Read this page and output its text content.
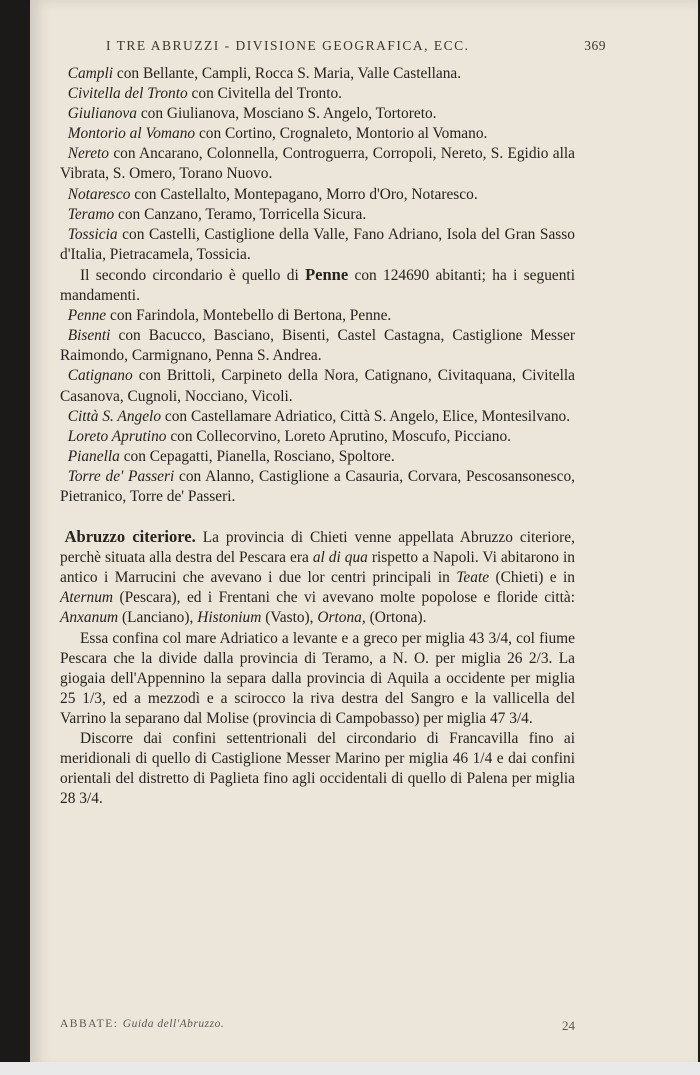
I TRE ABRUZZI - DIVISIONE GEOGRAFICA, ECC.	369

Campli con Bellante, Campli, Rocca S. Maria, Valle Castellana.

Civitella del Tronto con Civitella del Tronto.

Giulianova con Giulianova, Mosciano S. Angelo, Tortoreto.

Montorio al Vomano con Cortino, Crognaleto, Montorio al Vomano.

Nereto con Ancarano, Colonnella, Controguerra, Corropoli, Nereto, S. Egidio alla Vibrata, S. Omero, Torano Nuovo.

Notaresco con Castellalto, Montepagano, Morro d'Oro, Notaresco.

Teramo con Canzano, Teramo, Torricella Sicura.

Tossicia con Castelli, Castiglione della Valle, Fano Adriano, Isola del Gran Sasso d'Italia, Pietracamela, Tossicia.

Il secondo circondario è quello di Penne con 124690 abitanti; ha i seguenti mandamenti.

Penne con Farindola, Montebello di Bertona, Penne.

Bisenti con Bacucco, Basciano, Bisenti, Castel Castagna, Castiglione Messer Raimondo, Carmignano, Penna S. Andrea.

Catignano con Brittoli, Carpineto della Nora, Catignano, Civitaquana, Civitella Casanova, Cugnoli, Nocciano, Vicoli.

Città S. Angelo con Castellamare Adriatico, Città S. Angelo, Elice, Montesilvano.

Loreto Aprutino con Collecorvino, Loreto Aprutino, Moscufo, Picciano.

Pianella con Cepagatti, Pianella, Rosciano, Spoltore.

Torre de' Passeri con Alanno, Castiglione a Casauria, Corvara, Pescosansonesco, Pietranico, Torre de' Passeri.

Abruzzo citeriore. La provincia di Chieti venne appellata Abruzzo citeriore, perchè situata alla destra del Pescara era al di qua rispetto a Napoli. Vi abitarono in antico i Marrucini che avevano i due lor centri principali in Teate (Chieti) e in Aternum (Pescara), ed i Frentani che vi avevano molte popolose e floride città: Anxanum (Lanciano), Histonium (Vasto), Ortona, (Ortona).

Essa confina col mare Adriatico a levante e a greco per miglia 43 3/4, col fiume Pescara che la divide dalla provincia di Teramo, a N. O. per miglia 26 2/3. La giogaia dell'Appennino la separa dalla provincia di Aquila a occidente per miglia 25 1/3, ed a mezzodì e a scirocco la riva destra del Sangro e la vallicella del Varrino la separano dal Molise (provincia di Campobasso) per miglia 47 3/4.

Discorre dai confini settentrionali del circondario di Francavilla fino ai meridionali di quello di Castiglione Messer Marino per miglia 46 1/4 e dai confini orientali del distretto di Paglieta fino agli occidentali di quello di Palena per miglia 28 3/4.

ABBATE: Guida dell'Abruzzo.	24
